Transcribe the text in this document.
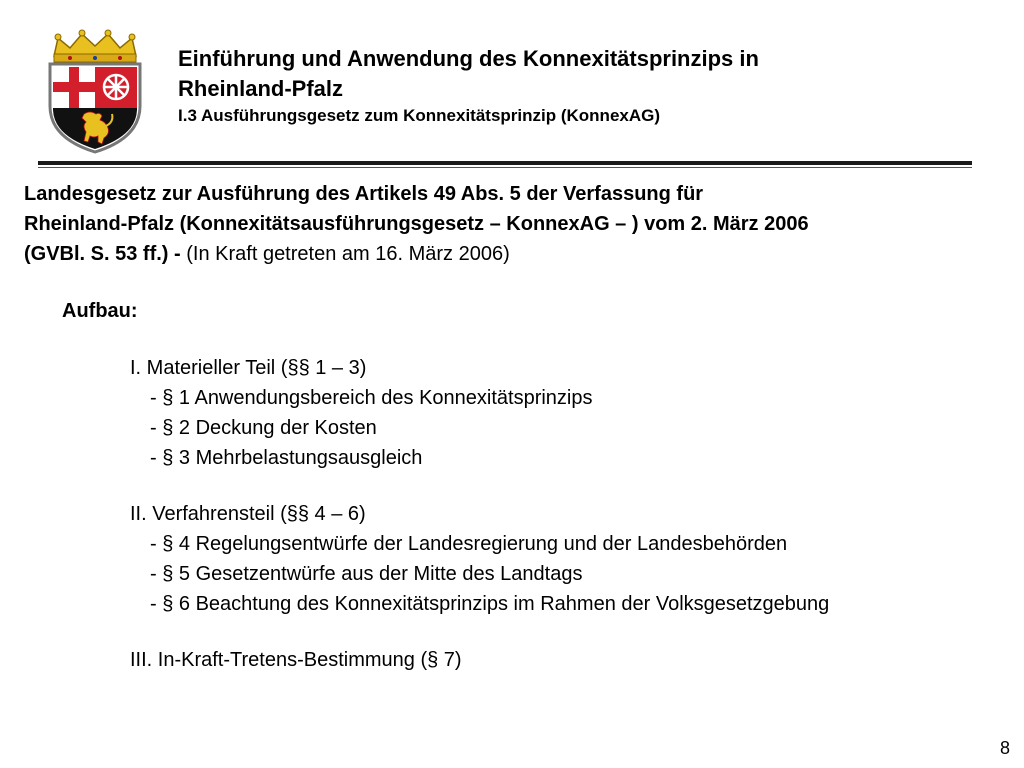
Einführung und Anwendung des Konnexitätsprinzips in
Rheinland-Pfalz
I.3 Ausführungsgesetz zum Konnexitätsprinzip (KonnexAG)
Landesgesetz zur Ausführung des Artikels 49 Abs. 5 der Verfassung für
Rheinland-Pfalz (Konnexitätsausführungsgesetz – KonnexAG – ) vom 2. März 2006
(GVBl. S. 53 ff.) - (In Kraft getreten am 16. März 2006)
Aufbau:
I. Materieller Teil (§§ 1 – 3)
- § 1 Anwendungsbereich des Konnexitätsprinzips
- § 2 Deckung der Kosten
- § 3 Mehrbelastungsausgleich
II. Verfahrensteil (§§ 4 – 6)
- § 4 Regelungsentwürfe der Landesregierung und der Landesbehörden
- § 5 Gesetzentwürfe aus der Mitte des Landtags
- § 6 Beachtung des Konnexitätsprinzips im Rahmen der Volksgesetzgebung
III. In-Kraft-Tretens-Bestimmung (§ 7)
8
